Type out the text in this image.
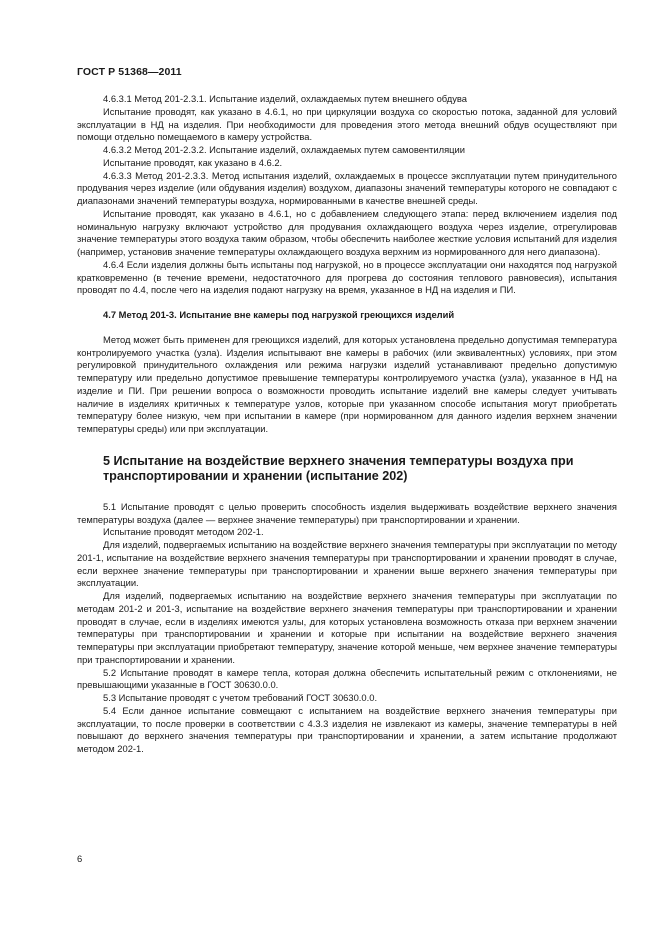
ГОСТ Р 51368—2011

4.6.3.1 Метод 201-2.3.1. Испытание изделий, охлаждаемых путем внешнего обдува

Испытание проводят, как указано в 4.6.1, но при циркуляции воздуха со скоростью потока, заданной для условий эксплуатации в НД на изделия. При необходимости для проведения этого метода внешний обдув осуществляют при помощи отдельно помещаемого в камеру устройства.

4.6.3.2 Метод 201-2.3.2. Испытание изделий, охлаждаемых путем самовентиляции

Испытание проводят, как указано в 4.6.2.

4.6.3.3 Метод 201-2.3.3. Метод испытания изделий, охлаждаемых в процессе эксплуатации путем принудительного продувания через изделие (или обдувания изделия) воздухом, диапазоны значений температуры которого не совпадают с диапазонами значений температуры воздуха, нормированными в качестве внешней среды.

Испытание проводят, как указано в 4.6.1, но с добавлением следующего этапа: перед включением изделия под номинальную нагрузку включают устройство для продувания охлаждающего воздуха через изделие, отрегулировав значение температуры этого воздуха таким образом, чтобы обеспечить наиболее жесткие условия испытаний для изделия (например, установив значение температуры охлаждающего воздуха верхним из нормированного для него диапазона).

4.6.4 Если изделия должны быть испытаны под нагрузкой, но в процессе эксплуатации они находятся под нагрузкой кратковременно (в течение времени, недостаточного для прогрева до состояния теплового равновесия), испытания проводят по 4.4, после чего на изделия подают нагрузку на время, указанное в НД на изделия и ПИ.

4.7 Метод 201-3. Испытание вне камеры под нагрузкой греющихся изделий

Метод может быть применен для греющихся изделий, для которых установлена предельно допустимая температура контролируемого участка (узла). Изделия испытывают вне камеры в рабочих (или эквивалентных) условиях, при этом регулировкой принудительного охлаждения или режима нагрузки изделий устанавливают предельно допустимую температуру или предельно допустимое превышение температуры контролируемого участка (узла), указанное в НД на изделие и ПИ. При решении вопроса о возможности проводить испытание изделий вне камеры следует учитывать наличие в изделиях критичных к температуре узлов, которые при указанном способе испытания могут приобретать температуру более низкую, чем при испытании в камере (при нормированном для данного изделия верхнем значении температуры среды) или при эксплуатации.

5 Испытание на воздействие верхнего значения температуры воздуха при транспортировании и хранении (испытание 202)

5.1 Испытание проводят с целью проверить способность изделия выдерживать воздействие верхнего значения температуры воздуха (далее — верхнее значение температуры) при транспортировании и хранении.

Испытание проводят методом 202-1.

Для изделий, подвергаемых испытанию на воздействие верхнего значения температуры при эксплуатации по методу 201-1, испытание на воздействие верхнего значения температуры при транспортировании и хранении проводят в случае, если верхнее значение температуры при транспортировании и хранении выше верхнего значения температуры при эксплуатации.

Для изделий, подвергаемых испытанию на воздействие верхнего значения температуры при эксплуатации по методам 201-2 и 201-3, испытание на воздействие верхнего значения температуры при транспортировании и хранении проводят в случае, если в изделиях имеются узлы, для которых установлена возможность отказа при верхнем значении температуры при транспортировании и хранении и которые при испытании на воздействие верхнего значения температуры при эксплуатации приобретают температуру, значение которой меньше, чем верхнее значение температуры при транспортировании и хранении.

5.2 Испытание проводят в камере тепла, которая должна обеспечить испытательный режим с отклонениями, не превышающими указанные в ГОСТ 30630.0.0.

5.3 Испытание проводят с учетом требований ГОСТ 30630.0.0.

5.4 Если данное испытание совмещают с испытанием на воздействие верхнего значения температуры при эксплуатации, то после проверки в соответствии с 4.3.3 изделия не извлекают из камеры, значение температуры в ней повышают до верхнего значения температуры при транспортировании и хранении, а затем испытание продолжают методом 202-1.

6
